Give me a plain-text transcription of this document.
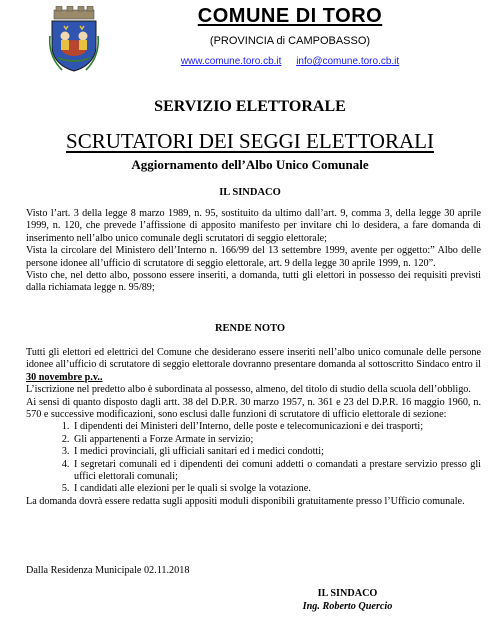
COMUNE DI TORO
(PROVINCIA di CAMPOBASSO)
www.comune.toro.cb.it info@comune.toro.cb.it
SERVIZIO ELETTORALE
SCRUTATORI DEI SEGGI ELETTORALI
Aggiornamento dell’Albo Unico Comunale
IL SINDACO
Visto l’art. 3 della legge 8 marzo 1989, n. 95, sostituito da ultimo dall’art. 9, comma 3, della legge 30 aprile 1999, n. 120, che prevede l’affissione di apposito manifesto per invitare chi lo desidera, a fare domanda di inserimento nell’albo unico comunale degli scrutatori di seggio elettorale;
Vista la circolare del Ministero dell’Interno n. 166/99 del 13 settembre 1999, avente per oggetto:” Albo delle persone idonee all’ufficio di scrutatore di seggio elettorale, art. 9 della legge 30 aprile 1999, n. 120”.
Visto che, nel detto albo, possono essere inseriti, a domanda, tutti gli elettori in possesso dei requisiti previsti dalla richiamata legge n. 95/89;
RENDE NOTO

Tutti gli elettori ed elettrici del Comune che desiderano essere inseriti nell’albo unico comunale delle persone idonee all’ufficio di scrutatore di seggio elettorale dovranno presentare domanda al sottoscritto Sindaco entro il 30 novembre p.v..

L’iscrizione nel predetto albo è subordinata al possesso, almeno, del titolo di studio della scuola dell’obbligo.

Ai sensi di quanto disposto dagli artt. 38 del D.P.R. 30 marzo 1957, n. 361 e 23 del D.P.R. 16 maggio 1960, n. 570 e successive modificazioni, sono esclusi dalle funzioni di scrutatore di ufficio elettorale di sezione:

1. I dipendenti dei Ministeri dell’Interno, delle poste e telecomunicazioni e dei trasporti;
2. Gli appartenenti a Forze Armate in servizio;
3. I medici provinciali, gli ufficiali sanitari ed i medici condotti;
4. I segretari comunali ed i dipendenti dei comuni addetti o comandati a prestare servizio presso gli uffici elettorali comunali;
5. I candidati alle elezioni per le quali si svolge la votazione.

La domanda dovrà essere redatta sugli appositi moduli disponibili gratuitamente presso l’Ufficio comunale.

Dalla Residenza Municipale 02.11.2018
IL SINDACO
Ing. Roberto Quercio
